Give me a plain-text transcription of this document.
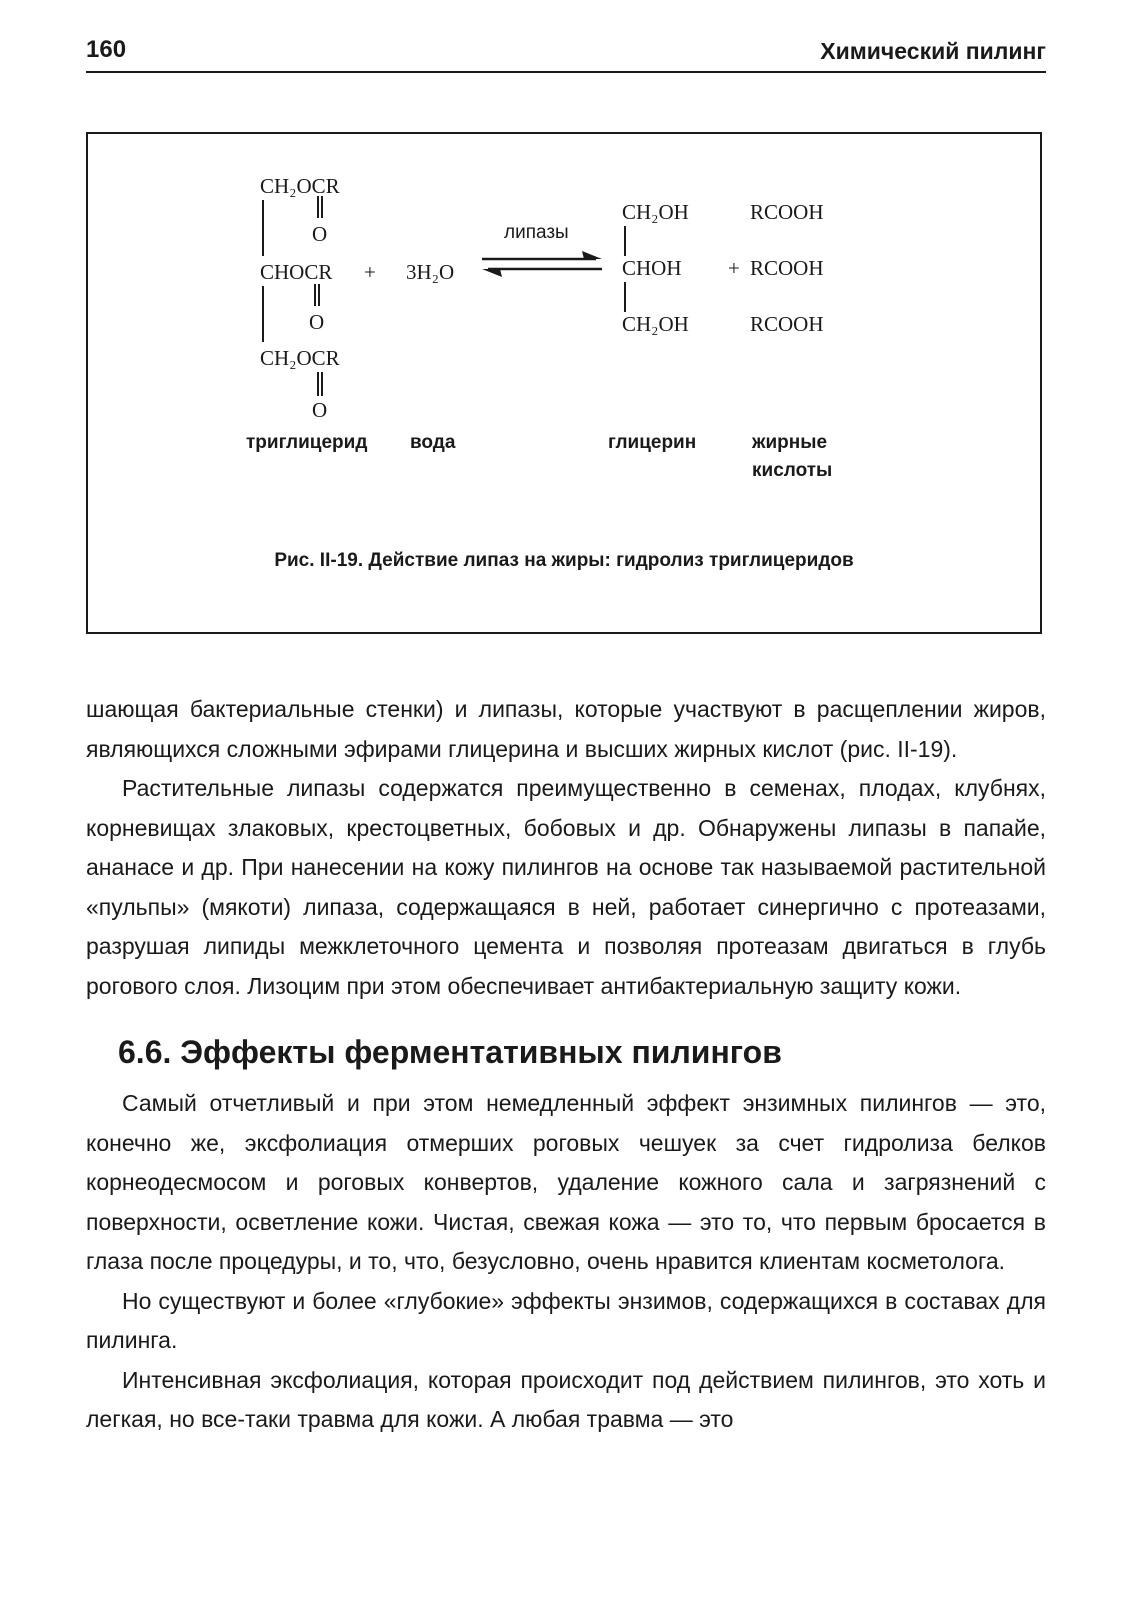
160	Химический пилинг
CH₂OCR
O
CHOCR
O
CH₂OCR
O
+ 3H₂O
липазы
CH₂OH
CHOH
CH₂OH
+
RCOOH
RCOOH
RCOOH
триглицерид вода	глицерин	жирные
кислоты
Рис. II-19. Действие липаз на жиры: гидролиз триглицеридов

шающая бактериальные стенки) и липазы, которые участвуют в расщеплении жиров, являющихся сложными эфирами глицерина и высших жирных кислот (рис. II-19).

Растительные липазы содержатся преимущественно в семенах, плодах, клубнях, корневищах злаковых, крестоцветных, бобовых и др. Обнаружены липазы в папайе, ананасе и др. При нанесении на кожу пилингов на основе так называемой растительной «пульпы» (мякоти) липаза, содержащаяся в ней, работает синергично с протеазами, разрушая липиды межклеточного цемента и позволяя протеазам двигаться в глубь рогового слоя. Лизоцим при этом обеспечивает антибактериальную защиту кожи.

6.6. Эффекты ферментативных пилингов

Самый отчетливый и при этом немедленный эффект энзимных пилингов — это, конечно же, эксфолиация отмерших роговых чешуек за счет гидролиза белков корнеодесмосом и роговых конвертов, удаление кожного сала и загрязнений с поверхности, осветление кожи. Чистая, свежая кожа — это то, что первым бросается в глаза после процедуры, и то, что, безусловно, очень нравится клиентам косметолога.

Но существуют и более «глубокие» эффекты энзимов, содержащихся в составах для пилинга.

Интенсивная эксфолиация, которая происходит под действием пилингов, это хоть и легкая, но все-таки травма для кожи. А любая травма — это
